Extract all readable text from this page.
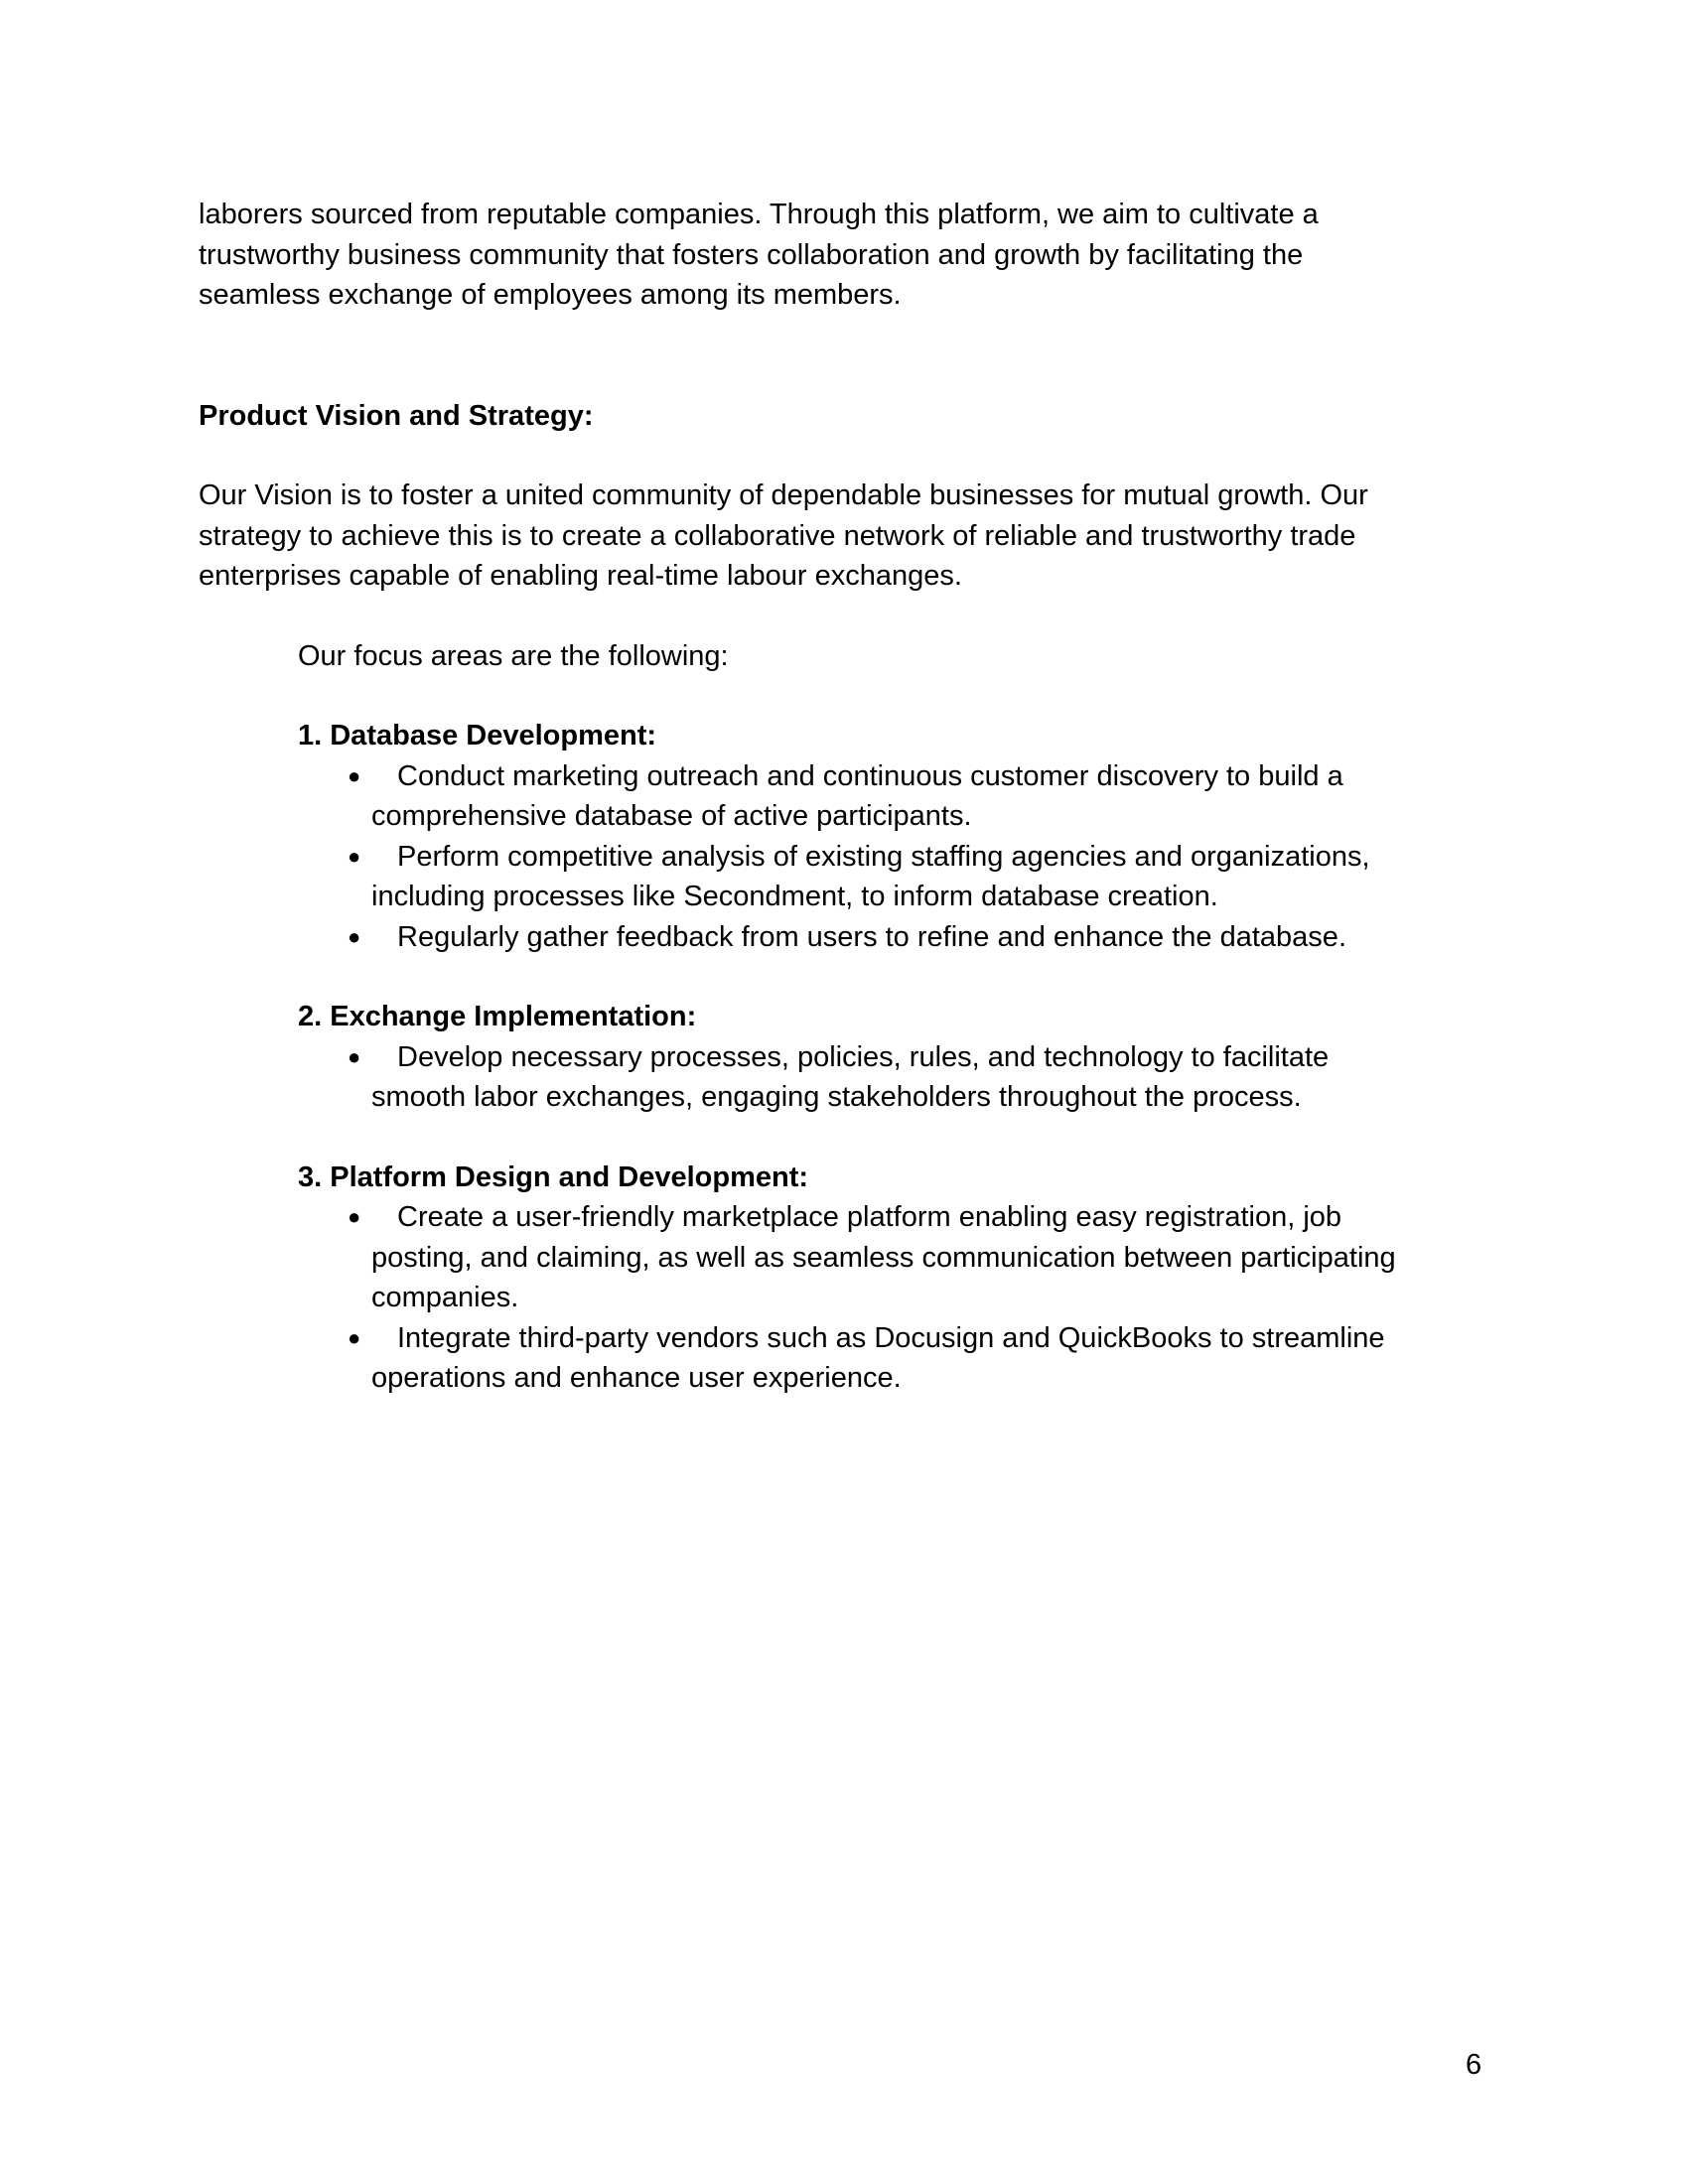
laborers sourced from reputable companies. Through this platform, we aim to cultivate a trustworthy business community that fosters collaboration and growth by facilitating the seamless exchange of employees among its members.

Product Vision and Strategy:

Our Vision is to foster a united community of dependable businesses for mutual growth. Our strategy to achieve this is to create a collaborative network of reliable and trustworthy trade enterprises capable of enabling real-time labour exchanges.

Our focus areas are the following:

1. Database Development:

●	Conduct marketing outreach and continuous customer discovery to build a comprehensive database of active participants.
●	Perform competitive analysis of existing staffing agencies and organizations, including processes like Secondment, to inform database creation.
●	Regularly gather feedback from users to refine and enhance the database.

2. Exchange Implementation:

●	Develop necessary processes, policies, rules, and technology to facilitate smooth labor exchanges, engaging stakeholders throughout the process.

3. Platform Design and Development:

●	Create a user-friendly marketplace platform enabling easy registration, job posting, and claiming, as well as seamless communication between participating companies.
●	Integrate third-party vendors such as Docusign and QuickBooks to streamline operations and enhance user experience.
6
